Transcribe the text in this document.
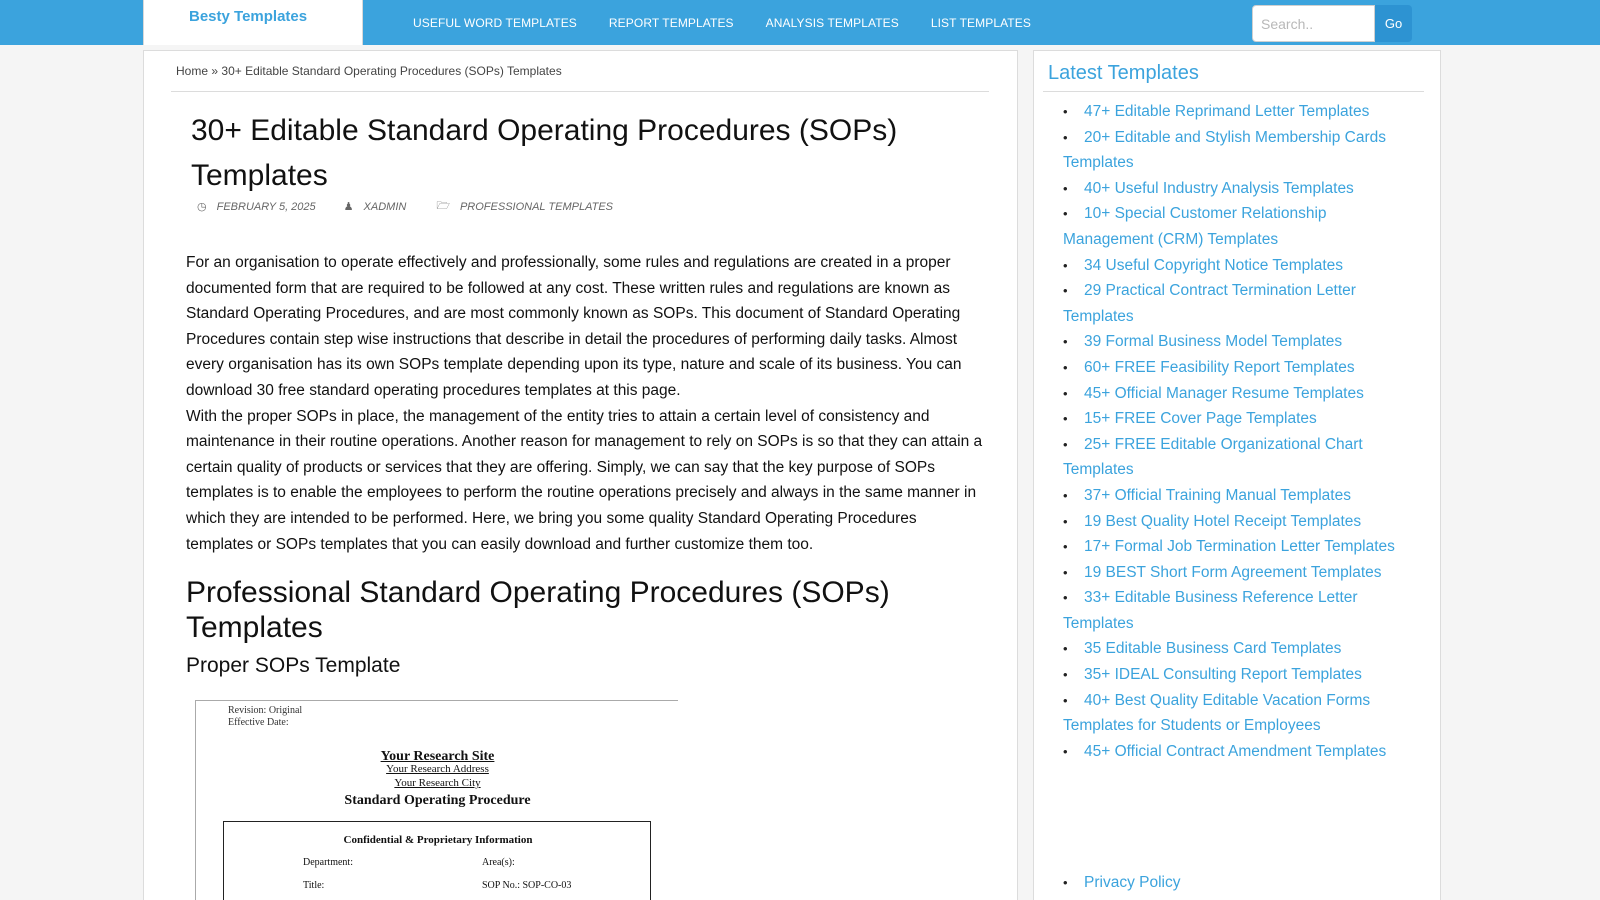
Besty Templates	USEFUL WORD TEMPLATES	REPORT TEMPLATES	ANALYSIS TEMPLATES	LIST TEMPLATES
Search..	Go
Home » 30+ Editable Standard Operating Procedures (SOPs) Templates
30+ Editable Standard Operating Procedures (SOPs) Templates
◷ FEBRUARY 5, 2025	♟ XADMIN	🗁 PROFESSIONAL TEMPLATES

For an organisation to operate effectively and professionally, some rules and regulations are created in a proper documented form that are required to be followed at any cost. These written rules and regulations are known as Standard Operating Procedures, and are most commonly known as SOPs. This document of Standard Operating Procedures contain step wise instructions that describe in detail the procedures of performing daily tasks. Almost every organisation has its own SOPs template depending upon its type, nature and scale of its business. You can download 30 free standard operating procedures templates at this page.

With the proper SOPs in place, the management of the entity tries to attain a certain level of consistency and maintenance in their routine operations. Another reason for management to rely on SOPs is so that they can attain a certain quality of products or services that they are offering. Simply, we can say that the key purpose of SOPs templates is to enable the employees to perform the routine operations precisely and always in the same manner in which they are intended to be performed. Here, we bring you some quality Standard Operating Procedures templates or SOPs templates that you can easily download and further customize them too.

Professional Standard Operating Procedures (SOPs) Templates
Proper SOPs Template
Revision: Original
Effective Date:
Your Research Site
Your Research Address
Your Research City
Standard Operating Procedure
Confidential & Proprietary Information
Department:	Area(s):
Title:	SOP No.: SOP-CO-03
Latest Templates
• 47+ Editable Reprimand Letter Templates
• 20+ Editable and Stylish Membership Cards Templates
• 40+ Useful Industry Analysis Templates
• 10+ Special Customer Relationship Management (CRM) Templates
• 34 Useful Copyright Notice Templates
• 29 Practical Contract Termination Letter Templates
• 39 Formal Business Model Templates
• 60+ FREE Feasibility Report Templates
• 45+ Official Manager Resume Templates
• 15+ FREE Cover Page Templates
• 25+ FREE Editable Organizational Chart Templates
• 37+ Official Training Manual Templates
• 19 Best Quality Hotel Receipt Templates
• 17+ Formal Job Termination Letter Templates
• 19 BEST Short Form Agreement Templates
• 33+ Editable Business Reference Letter Templates
• 35 Editable Business Card Templates
• 35+ IDEAL Consulting Report Templates
• 40+ Best Quality Editable Vacation Forms Templates for Students or Employees
• 45+ Official Contract Amendment Templates
• Privacy Policy
